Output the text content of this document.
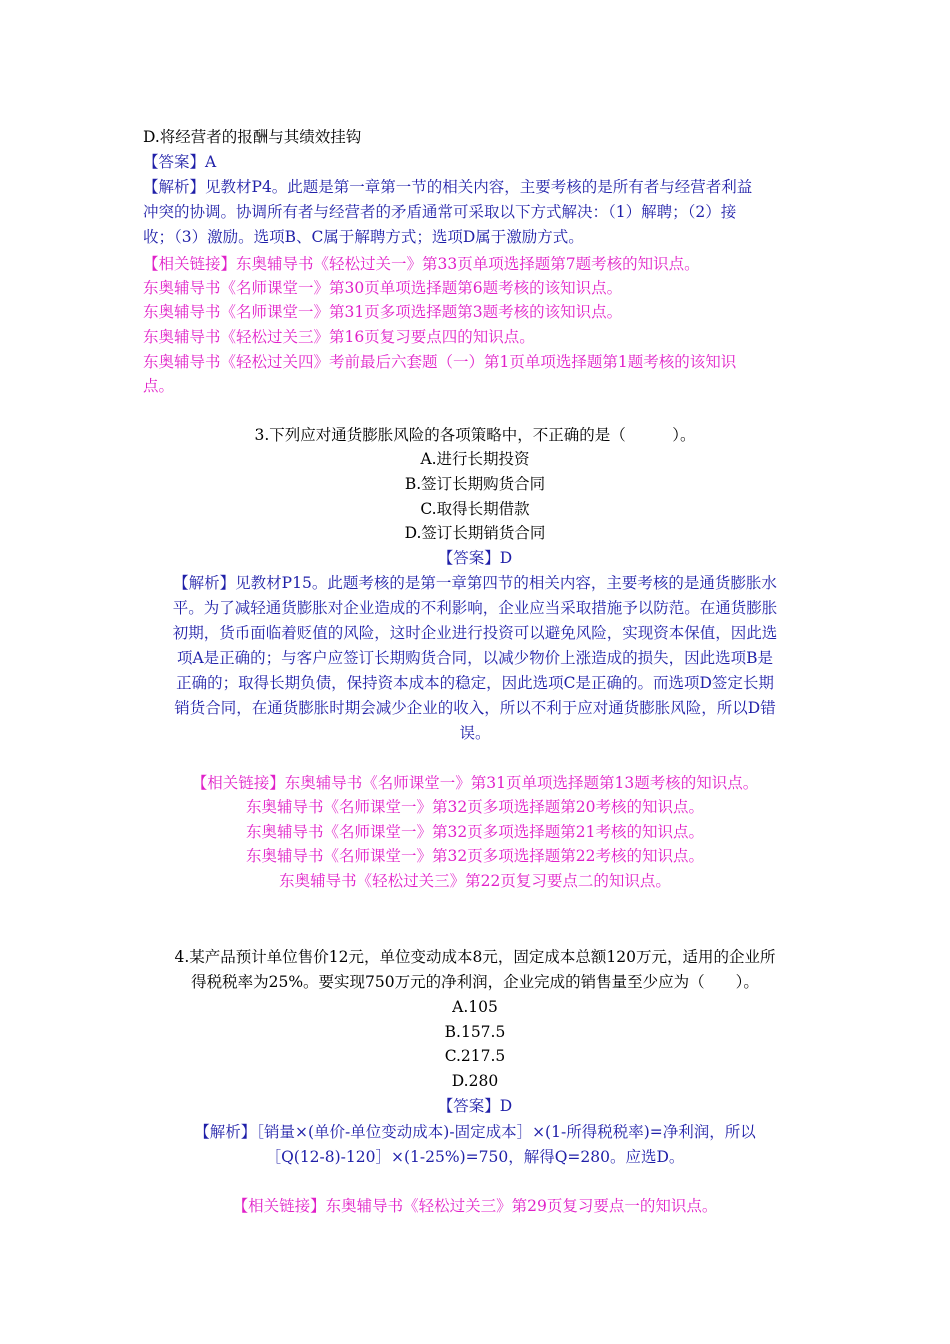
D.将经营者的报酬与其绩效挂钩
【答案】A
【解析】见教材P4。此题是第一章第一节的相关内容，主要考核的是所有者与经营者利益
冲突的协调。协调所有者与经营者的矛盾通常可采取以下方式解决：（1）解聘；（2）接
收；（3）激励。选项B、C属于解聘方式；选项D属于激励方式。
【相关链接】东奥辅导书《轻松过关一》第33页单项选择题第7题考核的知识点。
东奥辅导书《名师课堂一》第30页单项选择题第6题考核的该知识点。
东奥辅导书《名师课堂一》第31页多项选择题第3题考核的该知识点。
东奥辅导书《轻松过关三》第16页复习要点四的知识点。
东奥辅导书《轻松过关四》考前最后六套题（一）第1页单项选择题第1题考核的该知识
点。
3.下列应对通货膨胀风险的各项策略中，不正确的是（　　　）。
A.进行长期投资
B.签订长期购货合同
C.取得长期借款
D.签订长期销货合同
【答案】D
【解析】见教材P15。此题考核的是第一章第四节的相关内容，主要考核的是通货膨胀水
平。为了减轻通货膨胀对企业造成的不利影响，企业应当采取措施予以防范。在通货膨胀
初期，货币面临着贬值的风险，这时企业进行投资可以避免风险，实现资本保值，因此选
项A是正确的；与客户应签订长期购货合同，以减少物价上涨造成的损失，因此选项B是
正确的；取得长期负债，保持资本成本的稳定，因此选项C是正确的。而选项D签定长期
销货合同，在通货膨胀时期会减少企业的收入，所以不利于应对通货膨胀风险，所以D错
误。
【相关链接】东奥辅导书《名师课堂一》第31页单项选择题第13题考核的知识点。
东奥辅导书《名师课堂一》第32页多项选择题第20考核的知识点。
东奥辅导书《名师课堂一》第32页多项选择题第21考核的知识点。
东奥辅导书《名师课堂一》第32页多项选择题第22考核的知识点。
东奥辅导书《轻松过关三》第22页复习要点二的知识点。
4.某产品预计单位售价12元，单位变动成本8元，固定成本总额120万元，适用的企业所
得税税率为25%。要实现750万元的净利润，企业完成的销售量至少应为（　　）。
A.105
B.157.5
C.217.5
D.280
【答案】D
【解析】［销量×(单价-单位变动成本)-固定成本］×(1-所得税税率)=净利润，所以
［Q(12-8)-120］×(1-25%)=750，解得Q=280。应选D。
【相关链接】东奥辅导书《轻松过关三》第29页复习要点一的知识点。
